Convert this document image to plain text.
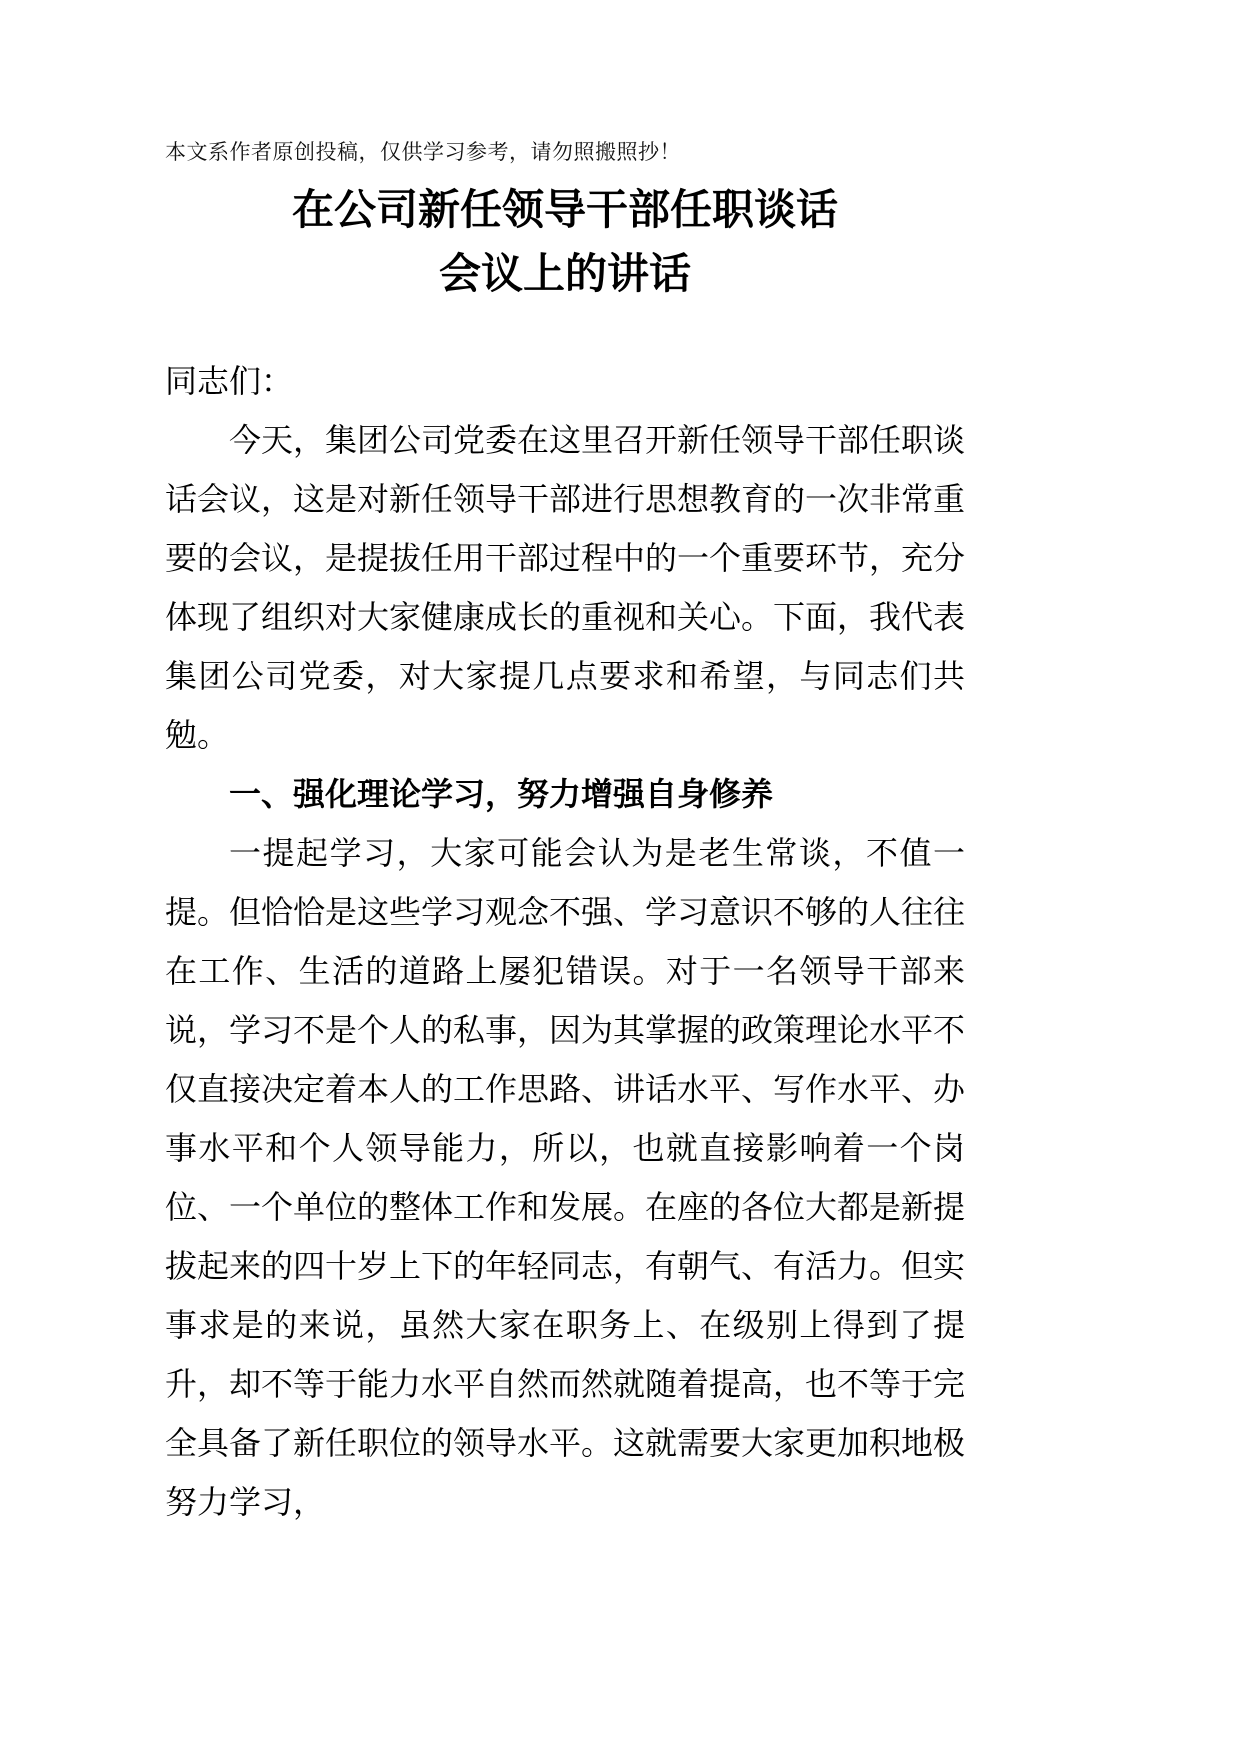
本文系作者原创投稿，仅供学习参考，请勿照搬照抄！

在公司新任领导干部任职谈话
会议上的讲话

同志们：

今天，集团公司党委在这里召开新任领导干部任职谈话会议，这是对新任领导干部进行思想教育的一次非常重要的会议，是提拔任用干部过程中的一个重要环节，充分体现了组织对大家健康成长的重视和关心。下面，我代表集团公司党委，对大家提几点要求和希望，与同志们共勉。

一、强化理论学习，努力增强自身修养

一提起学习，大家可能会认为是老生常谈，不值一提。但恰恰是这些学习观念不强、学习意识不够的人往往在工作、生活的道路上屡犯错误。对于一名领导干部来说，学习不是个人的私事，因为其掌握的政策理论水平不仅直接决定着本人的工作思路、讲话水平、写作水平、办事水平和个人领导能力，所以，也就直接影响着一个岗位、一个单位的整体工作和发展。在座的各位大都是新提拔起来的四十岁上下的年轻同志，有朝气、有活力。但实事求是的来说，虽然大家在职务上、在级别上得到了提升，却不等于能力水平自然而然就随着提高，也不等于完全具备了新任职位的领导水平。这就需要大家更加积地极努力学习，
